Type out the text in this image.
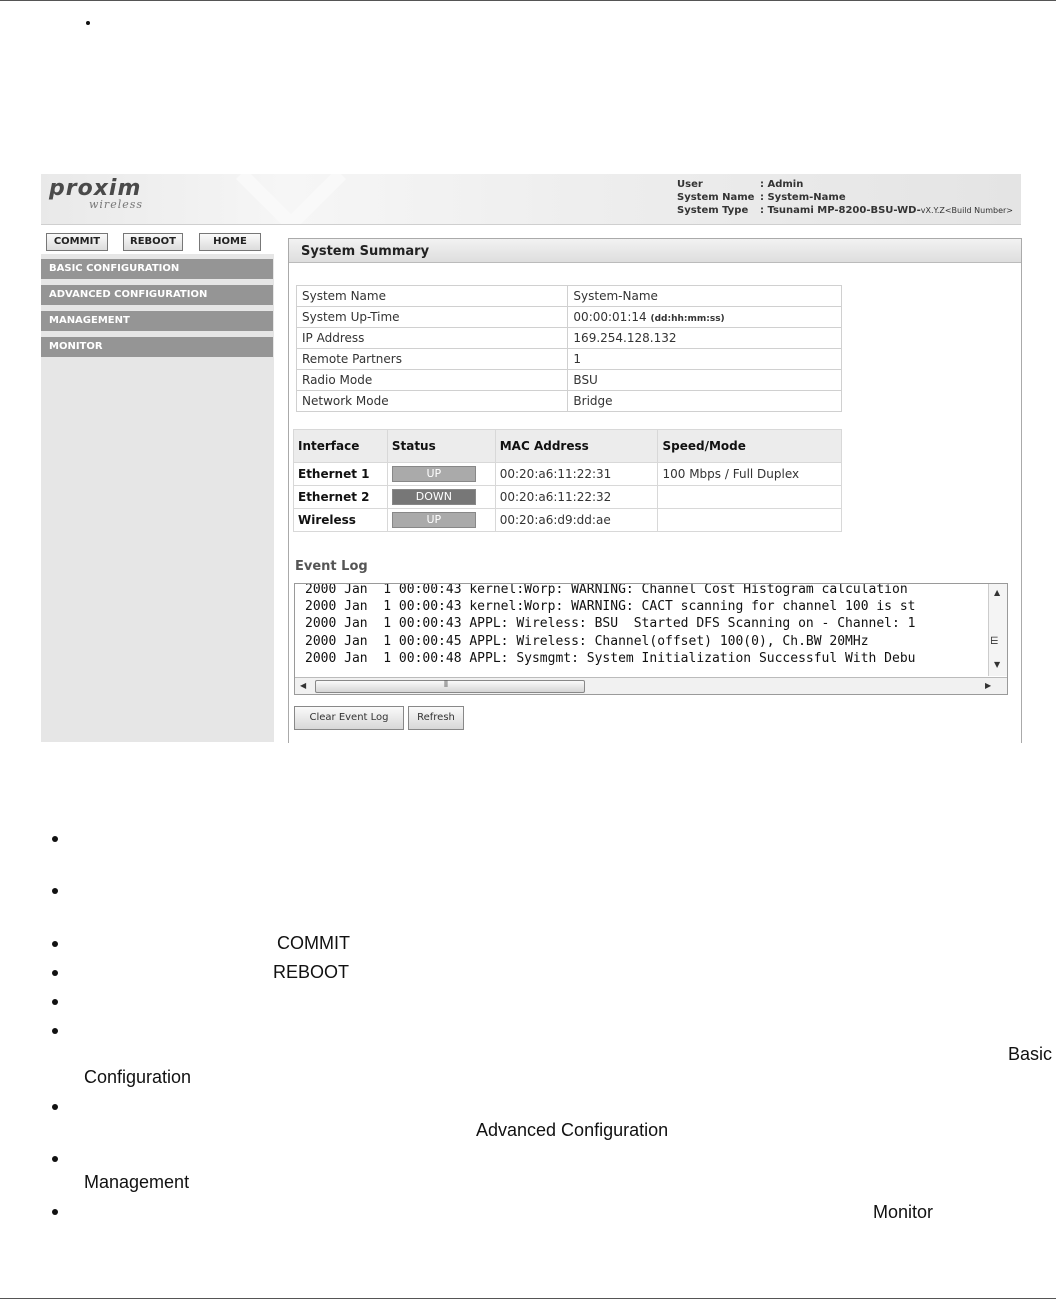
proxim
wireless
User	: Admin
System Name : System-Name
System Type : Tsunami MP-8200-BSU-WD-vX.Y.Z<Build Number>
COMMIT	REBOOT	HOME
BASIC CONFIGURATION
ADVANCED CONFIGURATION
MANAGEMENT
MONITOR
System Summary
System Name	System-Name
System Up-Time	00:00:01:14 (dd:hh:mm:ss)
IP Address	169.254.128.132
Remote Partners	1
Radio Mode	BSU
Network Mode	Bridge
Interface	Status	MAC Address	Speed/Mode
Ethernet 1	UP	00:20:a6:11:22:31	100 Mbps / Full Duplex
Ethernet 2	DOWN	00:20:a6:11:22:32	
Wireless	UP	00:20:a6:d9:dd:ae	
Event Log
2000 Jan  1 00:00:43 kernel:Worp: WARNING: Channel Cost Histogram calculation
2000 Jan  1 00:00:43 kernel:Worp: WARNING: CACT scanning for channel 100 is st
2000 Jan  1 00:00:43 APPL: Wireless: BSU  Started DFS Scanning on - Channel: 1
2000 Jan  1 00:00:45 APPL: Wireless: Channel(offset) 100(0), Ch.BW 20MHz
2000 Jan  1 00:00:48 APPL: Sysmgmt: System Initialization Successful With Debu
▲
⋿
▼
◀	⦀	▶
Clear Event Log	Refresh
COMMIT
REBOOT
Basic
Configuration
Advanced Configuration
Management
Monitor
